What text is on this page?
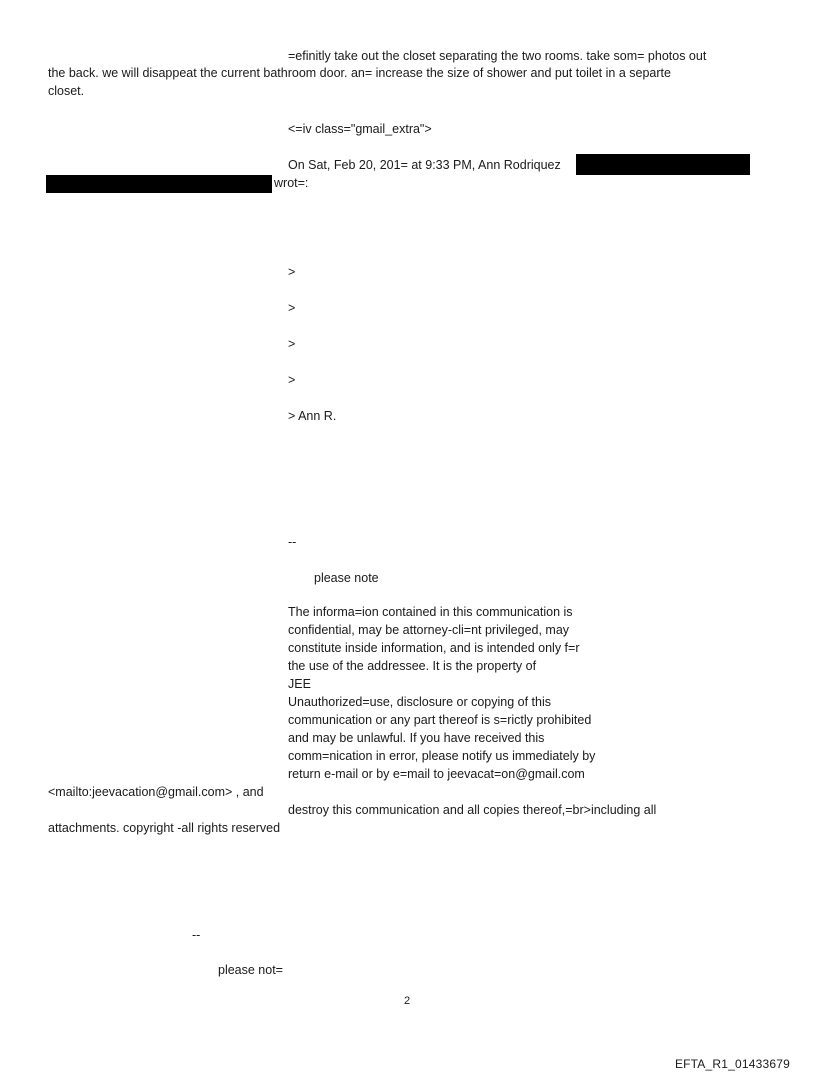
=efinitly take out the closet separating the two rooms. take som= photos out
the back. we will disappeat the current bathroom door. an= increase the size of shower and put toilet in a separte
closet.
<=iv class="gmail_extra">
On Sat, Feb 20, 201= at 9:33 PM, Ann Rodriquez
wrot=:
>
>
>
>
> Ann R.
--
please note
The informa=ion contained in this communication is
confidential, may be attorney-cli=nt privileged, may
constitute inside information, and is intended only f=r
the use of the addressee. It is the property of
JEE
Unauthorized=use, disclosure or copying of this
communication or any part thereof is s=rictly prohibited
and may be unlawful. If you have received this
comm=nication in error, please notify us immediately by
return e-mail or by e=mail to jeevacat=on@gmail.com
<mailto:jeevacation@gmail.com> , and
destroy this communication and all copies thereof,=br>including all
attachments. copyright -all rights reserved
--
please not=
2
EFTA_R1_01433679
